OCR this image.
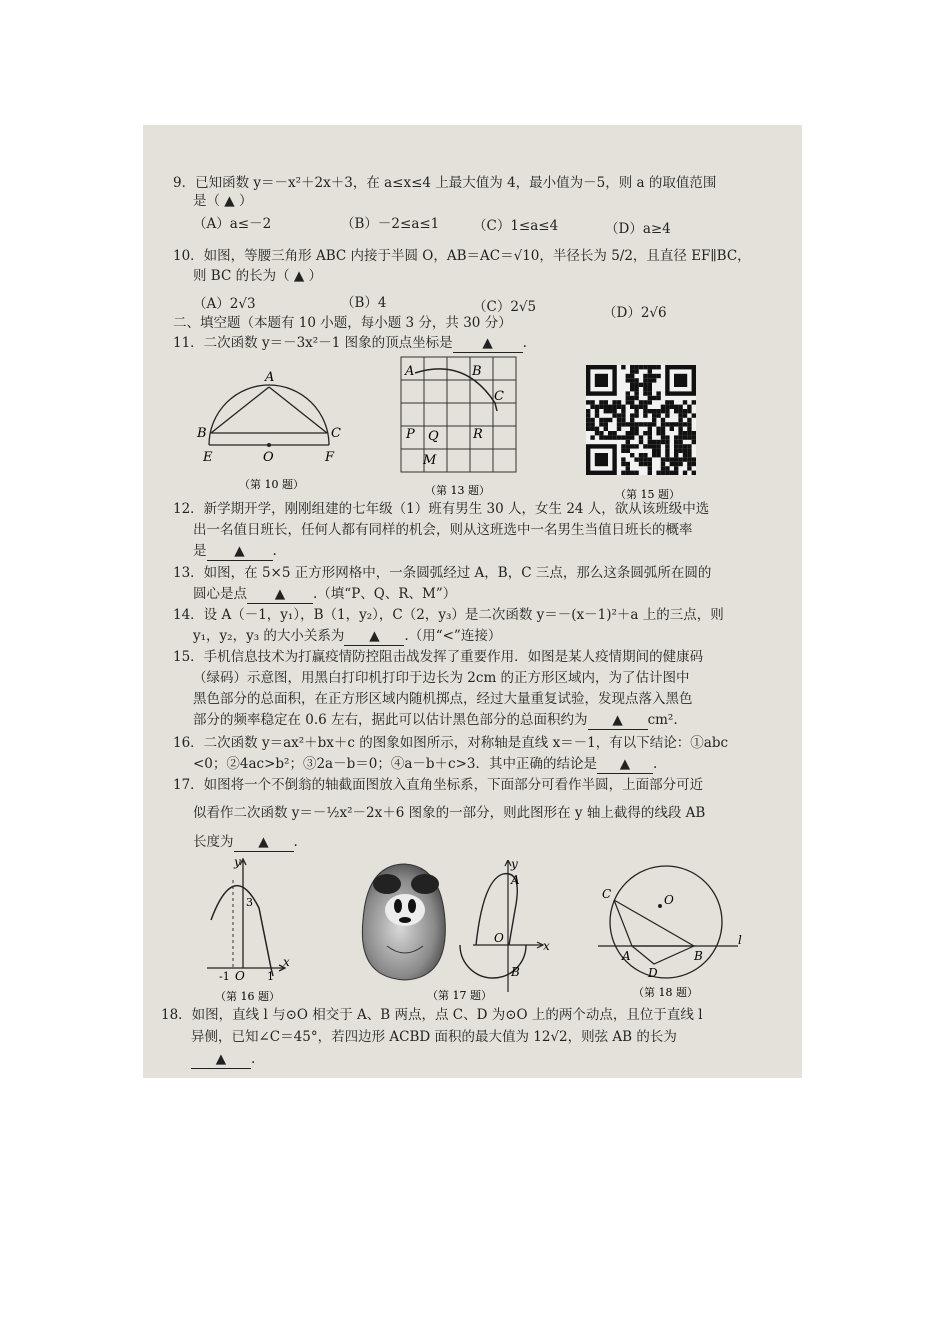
9．已知函数 y＝－x²＋2x＋3，在 a≤x≤4 上最大值为 4，最小值为－5，则 a 的取值范围
是（ ▲ ）
（A）a≤－2	（B）－2≤a≤1 （C）1≤a≤4	（D）a≥4
10．如图，等腰三角形 ABC 内接于半圆 O，AB＝AC＝√10，半径长为 5/2，且直径 EF∥BC，
则 BC 的长为（ ▲ ）
（A）2√3	（B）4	（C）2√5	（D）2√6
二、填空题（本题有 10 小题，每小题 3 分，共 30 分）
11．二次函数 y＝－3x²－1 图象的顶点坐标是 ▲ .
A
B	C
E	O	F
（第 10 题）
A	B
C
P Q	R
M
（第 13 题）	（第 15 题）
12．新学期开学，刚刚组建的七年级（1）班有男生 30 人，女生 24 人，欲从该班级中选
出一名值日班长，任何人都有同样的机会，则从这班选中一名男生当值日班长的概率
是 ▲ .
13．如图，在 5×5 正方形网格中，一条圆弧经过 A，B，C 三点，那么这条圆弧所在圆的
圆心是点 ▲ .（填“P、Q、R、M”）
14．设 A（－1，y₁），B（1，y₂），C（2，y₃）是二次函数 y＝－(x－1)²＋a 上的三点，则
y₁，y₂，y₃ 的大小关系为 ▲ .（用“<”连接）
15．手机信息技术为打赢疫情防控阻击战发挥了重要作用．如图是某人疫情期间的健康码
（绿码）示意图，用黑白打印机打印于边长为 2cm 的正方形区域内，为了估计图中
黑色部分的总面积，在正方形区域内随机掷点，经过大量重复试验，发现点落入黑色
部分的频率稳定在 0.6 左右，据此可以估计黑色部分的总面积约为 ▲ cm².
16．二次函数 y＝ax²＋bx＋c 的图象如图所示，对称轴是直线 x＝－1，有以下结论：①abc
<0；②4ac>b²；③2a－b＝0；④a－b＋c>3．其中正确的结论是 ▲ .
17．如图将一个不倒翁的轴截面图放入直角坐标系，下面部分可看作半圆，上面部分可近
似看作二次函数 y＝－½x²－2x＋6 图象的一部分，则此图形在 y 轴上截得的线段 AB
长度为 ▲ .
y
x
3
-1 O 1
（第 16 题）
y
x
A
B
O
（第 17 题）
C	O
A	B
D
l
（第 18 题）
18．如图，直线 l 与⊙O 相交于 A、B 两点，点 C、D 为⊙O 上的两个动点，且位于直线 l
异侧，已知∠C＝45°，若四边形 ACBD 面积的最大值为 12√2，则弦 AB 的长为
▲ .
